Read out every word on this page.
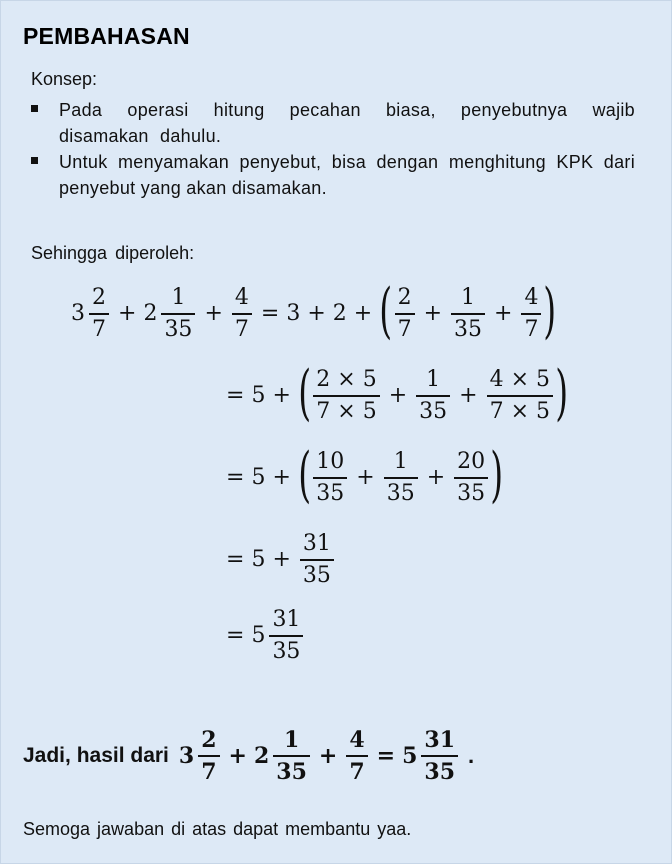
PEMBAHASAN
Konsep:
Pada operasi hitung pecahan biasa, penyebutnya wajib disamakan dahulu.
Untuk menyamakan penyebut, bisa dengan menghitung KPK dari penyebut yang akan disamakan.
Sehingga diperoleh:
$3 \frac{2}{7} + 2 \frac{1}{35} + \frac{4}{7} = 3 + 2$ + ( $\frac{2}{7} + \frac{1}{35} + \frac{4}{7}$ )
= 5 + ( $\frac{2 \times 5}{7 \times 5} + \frac{1}{35} + \frac{4 \times 5}{7 \times 5}$ )
= 5 + ( $\frac{10}{35} + \frac{1}{35} + \frac{20}{35}$ )
= $5 + \frac{31}{35}$
= $5 \frac{31}{35}$
Jadi, hasil dari $3 \frac{2}{7} + 2 \frac{1}{35} + \frac{4}{7} = 5 \frac{31}{35}$ .
Semoga jawaban di atas dapat membantu yaa.
